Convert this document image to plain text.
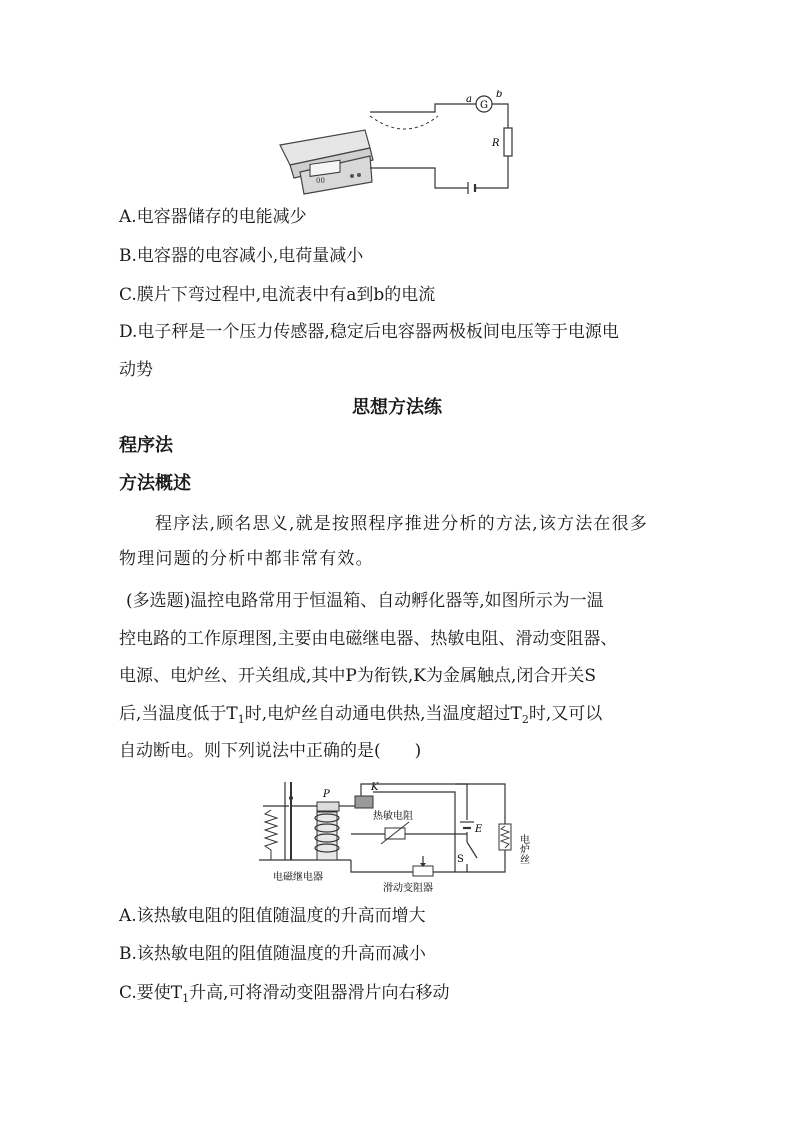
00
G
a b
R
A.电容器储存的电能减少
B.电容器的电容减小,电荷量减小
C.膜片下弯过程中,电流表中有a到b的电流
D.电子秤是一个压力传感器,稳定后电容器两极板间电压等于电源电
动势
思想方法练
程序法
方法概述
程序法,顾名思义,就是按照程序推进分析的方法,该方法在很多
物理问题的分析中都非常有效。
(多选题)温控电路常用于恒温箱、自动孵化器等,如图所示为一温
控电路的工作原理图,主要由电磁继电器、热敏电阻、滑动变阻器、
电源、电炉丝、开关组成,其中P为衔铁,K为金属触点,闭合开关S
后,当温度低于$T_1$时,电炉丝自动通电供热,当温度超过$T_2$时,又可以
自动断电。则下列说法中正确的是(　　)
P
K
热敏电阻
E
S	电炉丝
电磁继电器
滑动变阻器
A.该热敏电阻的阻值随温度的升高而增大
B.该热敏电阻的阻值随温度的升高而减小
C.要使$T_1$升高,可将滑动变阻器滑片向右移动
